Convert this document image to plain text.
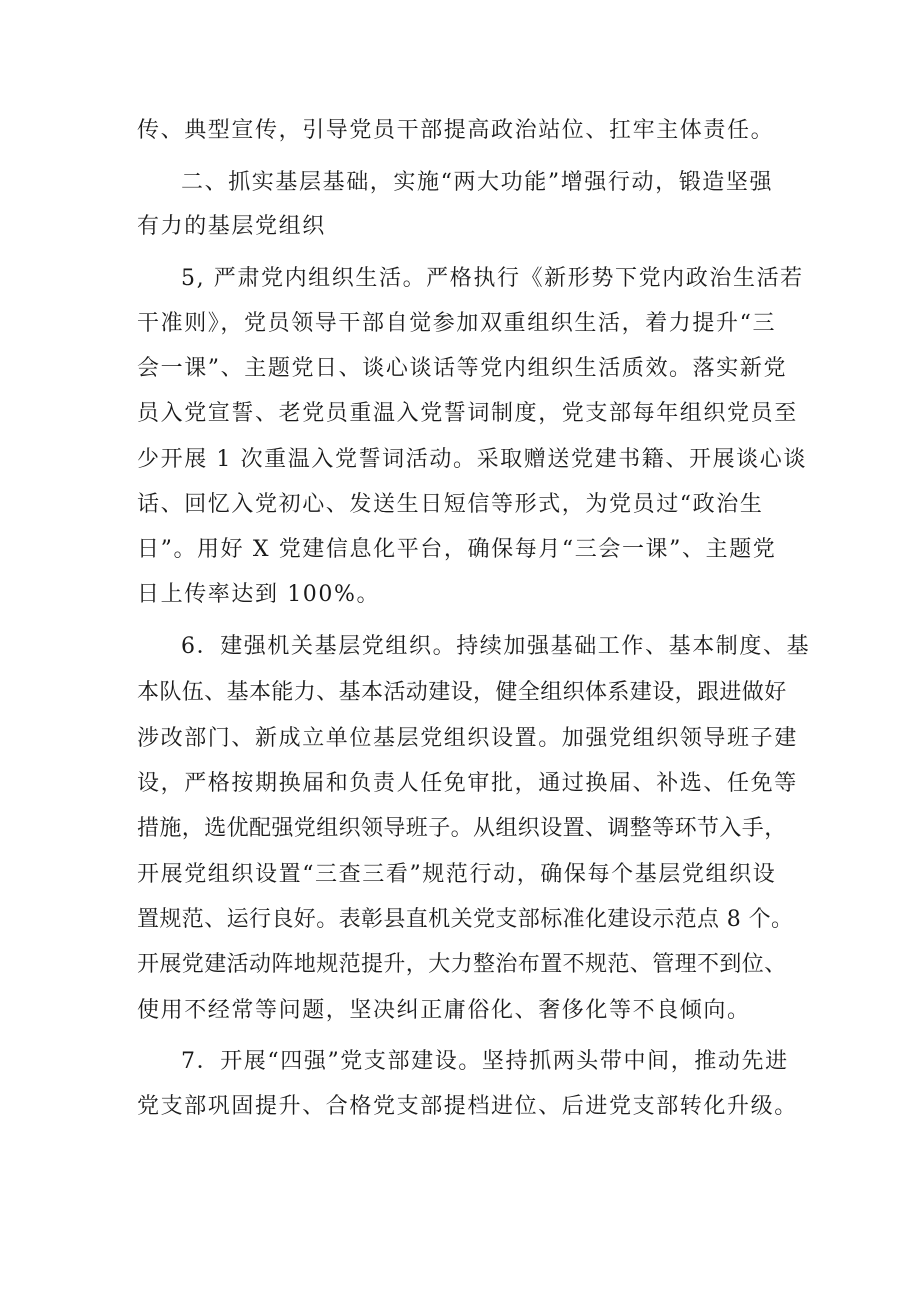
传、典型宣传，引导党员干部提高政治站位、扛牢主体责任。
二、抓实基层基础，实施“两大功能”增强行动，锻造坚强
有力的基层党组织
5, 严肃党内组织生活。严格执行《新形势下党内政治生活若
干准则》，党员领导干部自觉参加双重组织生活，着力提升“三
会一课”、主题党日、谈心谈话等党内组织生活质效。落实新党
员入党宣誓、老党员重温入党誓词制度，党支部每年组织党员至
少开展 1 次重温入党誓词活动。采取赠送党建书籍、开展谈心谈
话、回忆入党初心、发送生日短信等形式，为党员过“政治生
日”。用好 X 党建信息化平台，确保每月“三会一课”、主题党
日上传率达到 100%。
6．建强机关基层党组织。持续加强基础工作、基本制度、基
本队伍、基本能力、基本活动建设，健全组织体系建设，跟进做好
涉改部门、新成立单位基层党组织设置。加强党组织领导班子建
设，严格按期换届和负责人任免审批，通过换届、补选、任免等
措施，选优配强党组织领导班子。从组织设置、调整等环节入手，
开展党组织设置“三查三看”规范行动，确保每个基层党组织设
置规范、运行良好。表彰县直机关党支部标准化建设示范点 8 个。
开展党建活动阵地规范提升，大力整治布置不规范、管理不到位、
使用不经常等问题，坚决纠正庸俗化、奢侈化等不良倾向。
7．开展“四强”党支部建设。坚持抓两头带中间，推动先进
党支部巩固提升、合格党支部提档进位、后进党支部转化升级。
